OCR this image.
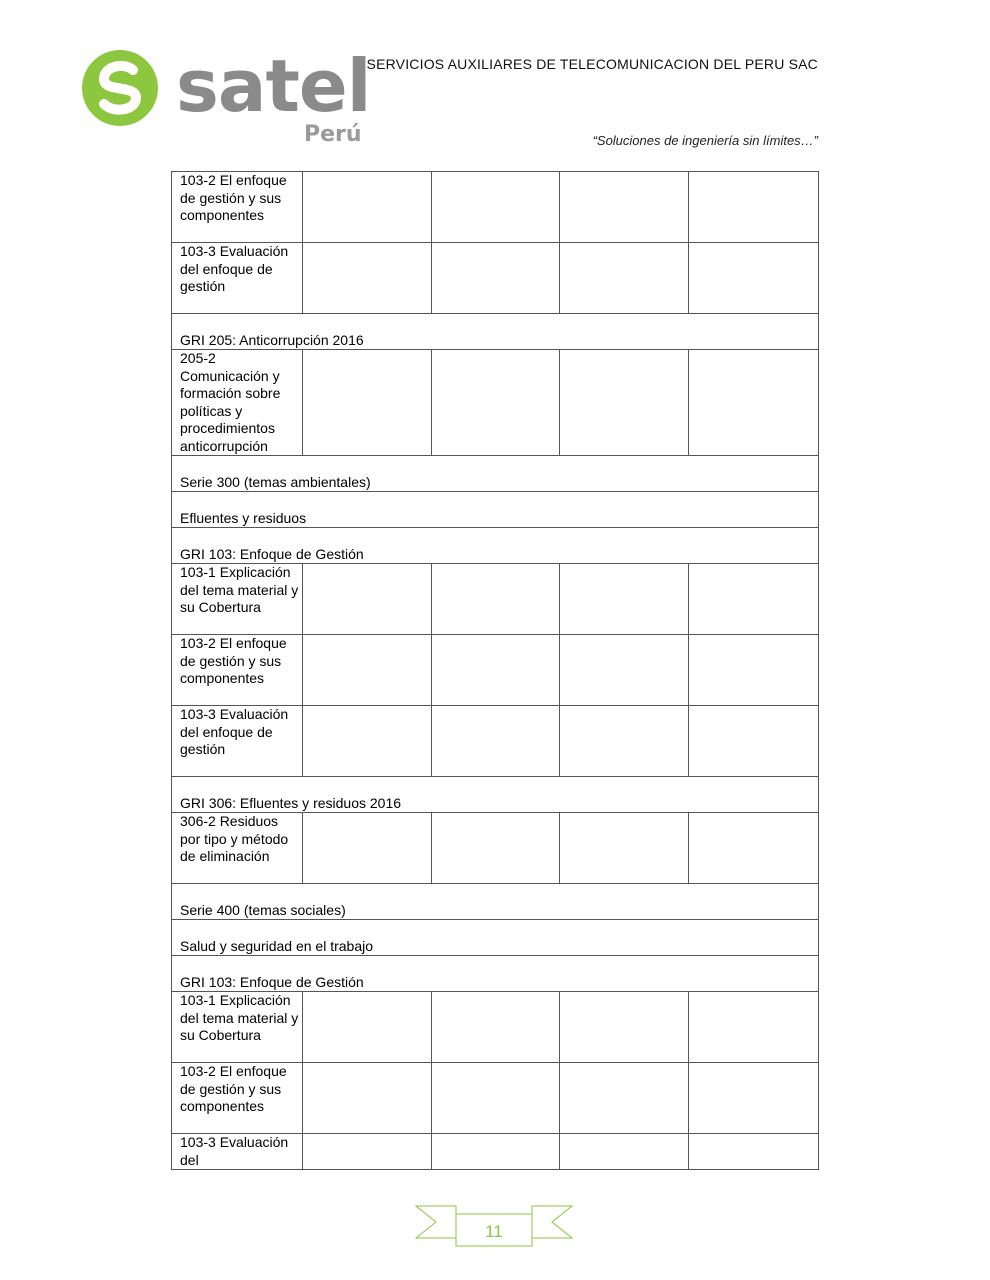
satel
Perú
SERVICIOS AUXILIARES DE TELECOMUNICACION DEL PERU SAC
“Soluciones de ingeniería sin límites…”
103-2 El enfoque de gestión y sus componentes				
103-3 Evaluación del enfoque de gestión				
GRI 205: Anticorrupción 2016				
205-2 Comunicación y formación sobre políticas y procedimientos anticorrupción				
Serie 300 (temas ambientales)				
Efluentes y residuos				
GRI 103: Enfoque de Gestión				
103-1 Explicación del tema material y su Cobertura				
103-2 El enfoque de gestión y sus componentes				
103-3 Evaluación del enfoque de gestión				
GRI 306: Efluentes y residuos 2016				
306-2 Residuos por tipo y método de eliminación				
Serie 400 (temas sociales)				
Salud y seguridad en el trabajo				
GRI 103: Enfoque de Gestión				
103-1 Explicación del tema material y su Cobertura				
103-2 El enfoque de gestión y sus componentes				
103-3 Evaluación del				
11
